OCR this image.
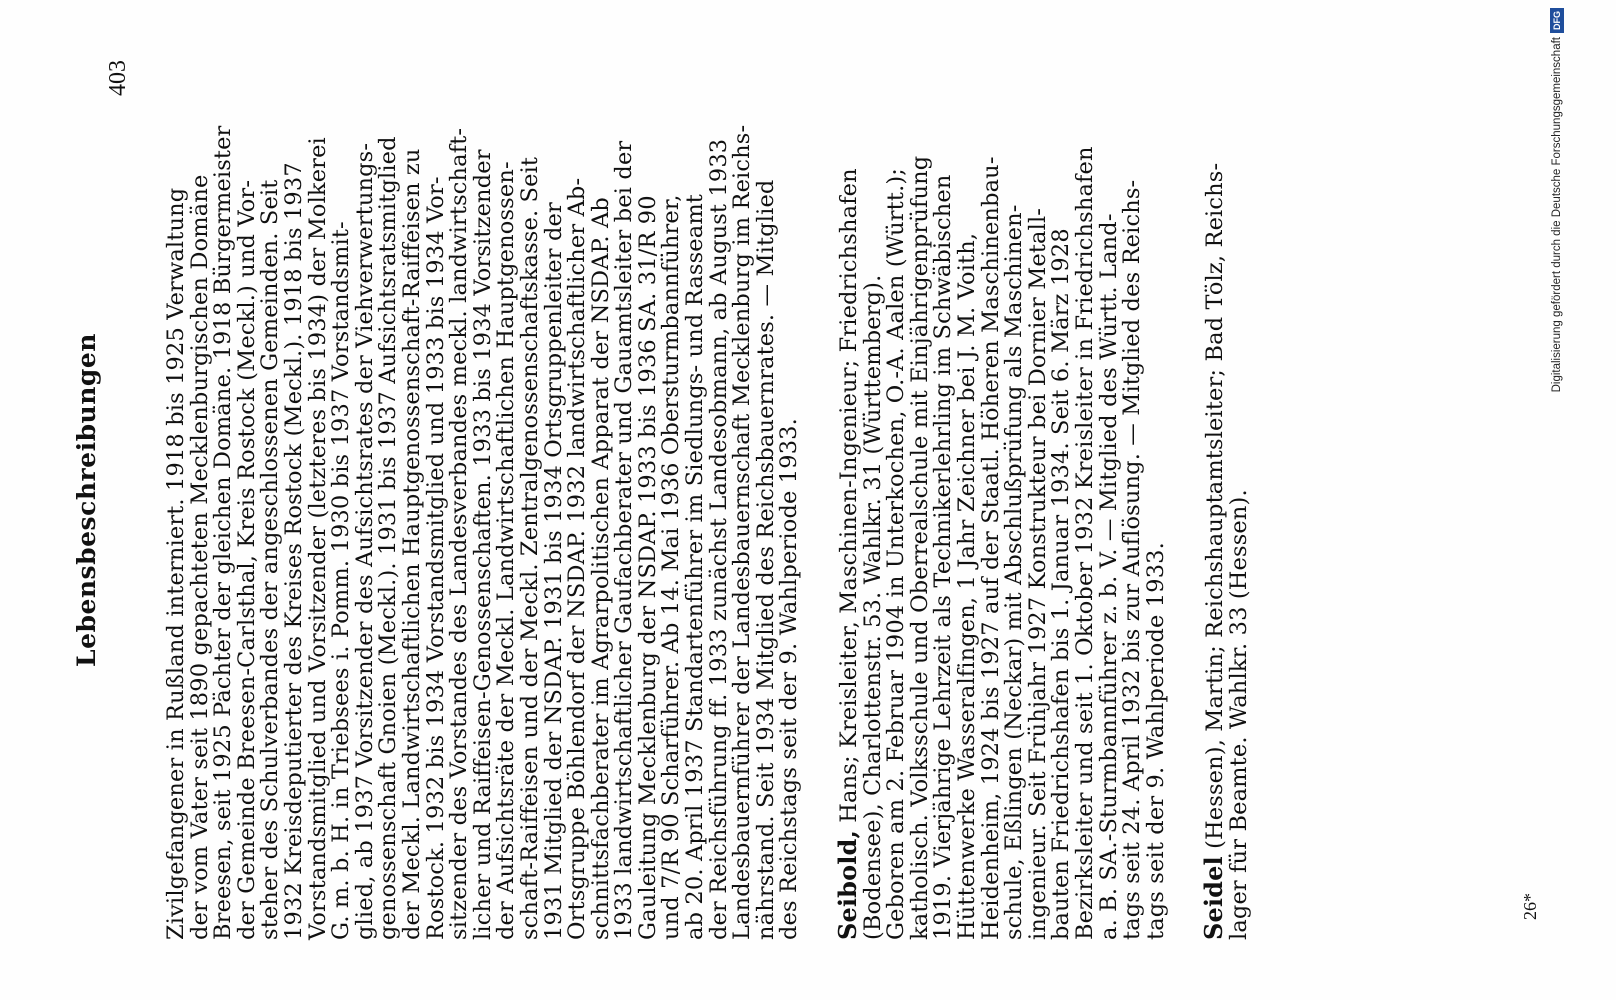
Lebensbeschreibungen
403
Zivilgefangener in Rußland interniert. 1918 bis 1925 Verwaltung
der vom Vater seit 1890 gepachteten Mecklenburgischen Domäne
Breesen, seit 1925 Pächter der gleichen Domäne. 1918 Bürgermeister
der Gemeinde Breesen-Carlsthal, Kreis Rostock (Meckl.) und Vor-
steher des Schulverbandes der angeschlossenen Gemeinden. Seit
1932 Kreisdeputierter des Kreises Rostock (Meckl.). 1918 bis 1937
Vorstandsmitglied und Vorsitzender (letzteres bis 1934) der Molkerei
G. m. b. H. in Triebsees i. Pomm. 1930 bis 1937 Vorstandsmit-
glied, ab 1937 Vorsitzender des Aufsichtsrates der Viehverwertungs-
genossenschaft Gnoien (Meckl.). 1931 bis 1937 Aufsichtsratsmitglied
der Meckl. Landwirtschaftlichen Hauptgenossenschaft-Raiffeisen zu
Rostock. 1932 bis 1934 Vorstandsmitglied und 1933 bis 1934 Vor-
sitzender des Vorstandes des Landesverbandes meckl. landwirtschaft-
licher und Raiffeisen-Genossenschaften. 1933 bis 1934 Vorsitzender
der Aufsichtsräte der Meckl. Landwirtschaftlichen Hauptgenossen-
schaft-Raiffeisen und der Meckl. Zentralgenossenschaftskasse. Seit
1931 Mitglied der NSDAP. 1931 bis 1934 Ortsgruppenleiter der
Ortsgruppe Böhlendorf der NSDAP. 1932 landwirtschaftlicher Ab-
schnittsfachberater im Agrarpolitischen Apparat der NSDAP. Ab
1933 landwirtschaftlicher Gaufachberater und Gauamtsleiter bei der
Gauleitung Mecklenburg der NSDAP. 1933 bis 1936 SA. 31/R 90
und 7/R 90 Scharführer. Ab 14. Mai 1936 Obersturmbannführer,
ab 20. April 1937 Standartenführer im Siedlungs- und Rasseamt
der Reichsführung ff. 1933 zunächst Landesobmann, ab August 1933
Landesbauernführer der Landesbauernschaft Mecklenburg im Reichs-
nährstand. Seit 1934 Mitglied des Reichsbauernrates. — Mitglied
des Reichstags seit der 9. Wahlperiode 1933. Seibold, Hans; Kreisleiter, Maschinen-Ingenieur; Friedrichshafen
(Bodensee), Charlottenstr. 53. Wahlkr. 31 (Württemberg).
Geboren am 2. Februar 1904 in Unterkochen, O.-A. Aalen (Württ.);
katholisch. Volksschule und Oberrealschule mit Einjährigenprüfung
1919. Vierjährige Lehrzeit als Technikerlehrling im Schwäbischen
Hüttenwerke Wasseralfingen, 1 Jahr Zeichner bei J. M. Voith,
Heidenheim, 1924 bis 1927 auf der Staatl. Höheren Maschinenbau-
schule, Eßlingen (Neckar) mit Abschlußprüfung als Maschinen-
ingenieur. Seit Frühjahr 1927 Konstrukteur bei Dornier Metall-
bauten Friedrichshafen bis 1. Januar 1934. Seit 6. März 1928
Bezirksleiter und seit 1. Oktober 1932 Kreisleiter in Friedrichshafen
a. B. SA.-Sturmbannführer z. b. V. — Mitglied des Württ. Land-
tags seit 24. April 1932 bis zur Auflösung. — Mitglied des Reichs-
tags seit der 9. Wahlperiode 1933. Seidel (Hessen), Martin; Reichshauptamtsleiter; Bad Tölz, Reichs-
lager für Beamte. Wahlkr. 33 (Hessen).	26*
Digitalisierung gefördert durch die Deutsche ForschungsgemeinschaftDFG
